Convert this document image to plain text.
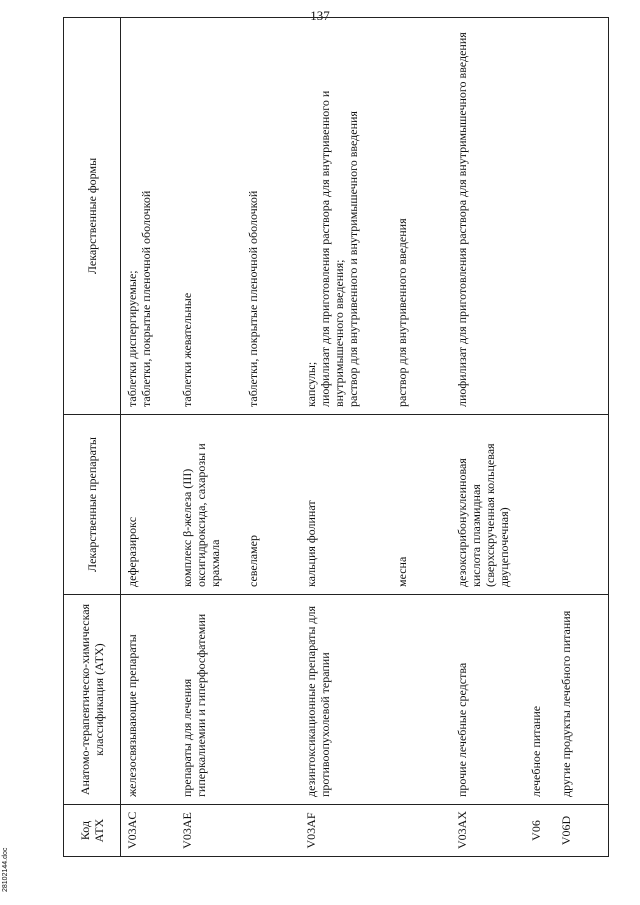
137
Код АТХ	Анатомо-терапевтическо-химическая классификация (АТХ)	Лекарственные препараты	Лекарственные формы
V03AC	железосвязывающие препараты	деферазирокс	таблетки диспергируемые; таблетки, покрытые пленочной оболочкой

V03AE	препараты для лечения гиперкалиемии и гиперфосфатемии	комплекс β-железа (III) оксигидроксида, сахарозы и крахмала	таблетки жевательные

		севеламер	таблетки, покрытые пленочной оболочкой

V03AF	дезинтоксикационные препараты для противоопухолевой терапии	кальция фолинат	капсулы; лиофилизат для приготовления раствора для внутривенного и внутримышечного введения; раствор для внутривенного и внутримышечного введения

		месна	раствор для внутривенного введения

V03AX	прочие лечебные средства	дезоксирибонуклеиновая кислота плазмидная (сверхскрученная кольцевая двуцепочечная)	лиофилизат для приготовления раствора для внутримышечного введения

V06	лечебное питание		
V06D	другие продукты лечебного питания		
28102144.doc
